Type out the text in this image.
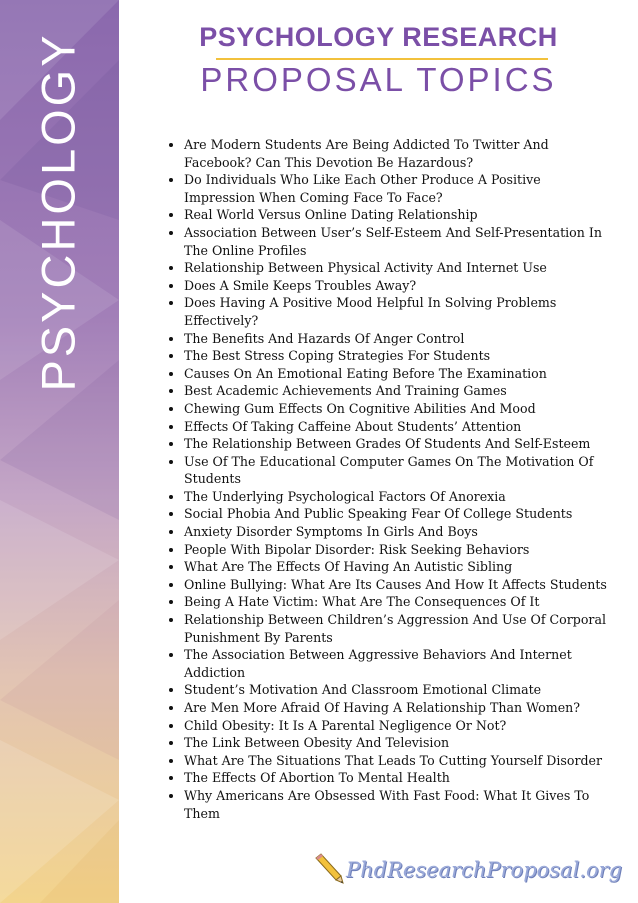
PSYCHOLOGY	PSYCHOLOGY RESEARCH
PROPOSAL TOPICS
• Are Modern Students Are Being Addicted To Twitter And Facebook? Can This Devotion Be Hazardous?
• Do Individuals Who Like Each Other Produce A Positive Impression When Coming Face To Face?
• Real World Versus Online Dating Relationship
• Association Between User’s Self-Esteem And Self-Presentation In The Online Profiles
• Relationship Between Physical Activity And Internet Use
• Does A Smile Keeps Troubles Away?
• Does Having A Positive Mood Helpful In Solving Problems Effectively?
• The Benefits And Hazards Of Anger Control
• The Best Stress Coping Strategies For Students
• Causes On An Emotional Eating Before The Examination
• Best Academic Achievements And Training Games
• Chewing Gum Effects On Cognitive Abilities And Mood
• Effects Of Taking Caffeine About Students’ Attention
• The Relationship Between Grades Of Students And Self-Esteem
• Use Of The Educational Computer Games On The Motivation Of Students
• The Underlying Psychological Factors Of Anorexia
• Social Phobia And Public Speaking Fear Of College Students
• Anxiety Disorder Symptoms In Girls And Boys
• People With Bipolar Disorder: Risk Seeking Behaviors
• What Are The Effects Of Having An Autistic Sibling
• Online Bullying: What Are Its Causes And How It Affects Students
• Being A Hate Victim: What Are The Consequences Of It
• Relationship Between Children’s Aggression And Use Of Corporal Punishment By Parents
• The Association Between Aggressive Behaviors And Internet Addiction
• Student’s Motivation And Classroom Emotional Climate
• Are Men More Afraid Of Having A Relationship Than Women?
• Child Obesity: It Is A Parental Negligence Or Not?
• The Link Between Obesity And Television
• What Are The Situations That Leads To Cutting Yourself Disorder
• The Effects Of Abortion To Mental Health
• Why Americans Are Obsessed With Fast Food: What It Gives To Them
PhdResearchProposal.org
